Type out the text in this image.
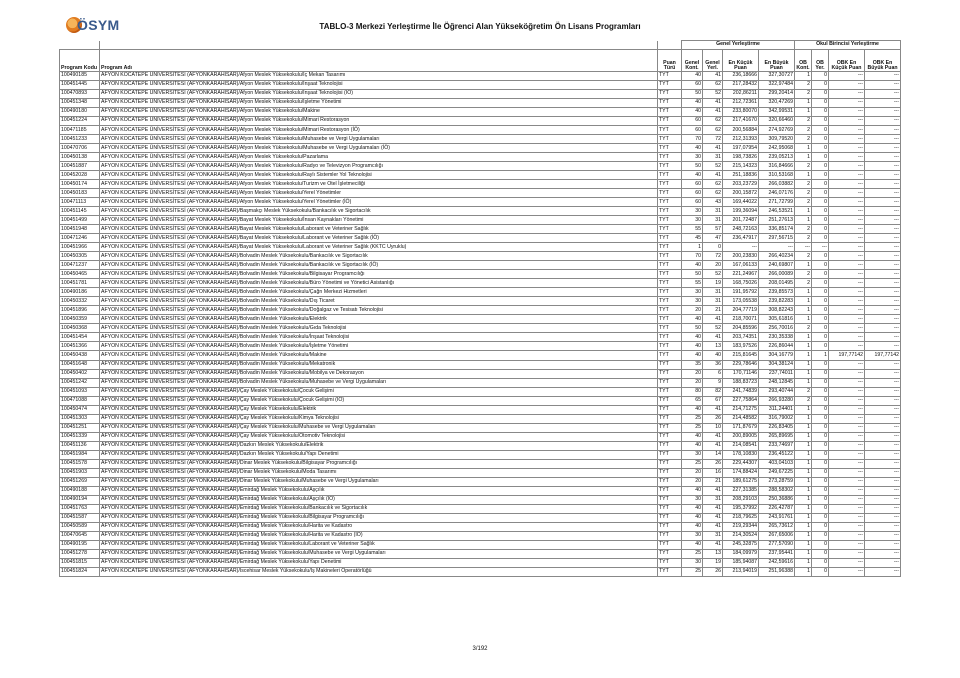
ÖSYM	TABLO-3 Merkezi Yerleştirme İle Öğrenci Alan Yükseköğretim Ön Lisans Programları
			Genel Yerleştirme				Okul Birincisi Yerleştirme			
Program Kodu	Program Adı	Puan Türü	Genel Kont.	Genel Yerl.	En Küçük Puan	En Büyük Puan	OB Kont.	OB Yer.	OBK En Küçük Puan	OBK En Büyük Puan
100490185	AFYON KOCATEPE ÜNİVERSİTESİ (AFYONKARAHİSAR)/Afyon Meslek Yüksekokulu/İç Mekan Tasarımı	TYT	40	41	236,18666	327,30727	1	0	---	---
100451445	AFYON KOCATEPE ÜNİVERSİTESİ (AFYONKARAHİSAR)/Afyon Meslek Yüksekokulu/İnşaat Teknolojisi	TYT	60	62	217,28432	322,97484	2	0	---	---
100470893	AFYON KOCATEPE ÜNİVERSİTESİ (AFYONKARAHİSAR)/Afyon Meslek Yüksekokulu/İnşaat Teknolojisi (İÖ)	TYT	50	52	202,86211	299,20414	2	0	---	---
100451348	AFYON KOCATEPE ÜNİVERSİTESİ (AFYONKARAHİSAR)/Afyon Meslek Yüksekokulu/İşletme Yönetimi	TYT	40	41	212,72361	320,47269	1	0	---	---
100490180	AFYON KOCATEPE ÜNİVERSİTESİ (AFYONKARAHİSAR)/Afyon Meslek Yüksekokulu/Makine	TYT	40	41	233,80070	342,99531	1	0	---	---
100451224	AFYON KOCATEPE ÜNİVERSİTESİ (AFYONKARAHİSAR)/Afyon Meslek Yüksekokulu/Mimari Restorasyon	TYT	60	62	217,41670	320,66460	2	0	---	---
100471185	AFYON KOCATEPE ÜNİVERSİTESİ (AFYONKARAHİSAR)/Afyon Meslek Yüksekokulu/Mimari Restorasyon (İÖ)	TYT	60	62	200,56884	274,92769	2	0	---	---
100451233	AFYON KOCATEPE ÜNİVERSİTESİ (AFYONKARAHİSAR)/Afyon Meslek Yüksekokulu/Muhasebe ve Vergi Uygulamaları	TYT	70	72	212,31393	309,79520	2	0	---	---
100470706	AFYON KOCATEPE ÜNİVERSİTESİ (AFYONKARAHİSAR)/Afyon Meslek Yüksekokulu/Muhasebe ve Vergi Uygulamaları (İÖ)	TYT	40	41	197,07954	242,95068	1	0	---	---
100450138	AFYON KOCATEPE ÜNİVERSİTESİ (AFYONKARAHİSAR)/Afyon Meslek Yüksekokulu/Pazarlama	TYT	30	31	198,73826	239,05213	1	0	---	---
100451887	AFYON KOCATEPE ÜNİVERSİTESİ (AFYONKARAHİSAR)/Afyon Meslek Yüksekokulu/Radyo ve Televizyon Programcılığı	TYT	50	52	215,14323	316,84666	2	0	---	---
100452028	AFYON KOCATEPE ÜNİVERSİTESİ (AFYONKARAHİSAR)/Afyon Meslek Yüksekokulu/Raylı Sistemler Yol Teknolojisi	TYT	40	41	251,18836	310,53168	1	0	---	---
100450174	AFYON KOCATEPE ÜNİVERSİTESİ (AFYONKARAHİSAR)/Afyon Meslek Yüksekokulu/Turizm ve Otel İşletmeciliği	TYT	60	62	203,23729	266,03882	2	0	---	---
100450183	AFYON KOCATEPE ÜNİVERSİTESİ (AFYONKARAHİSAR)/Afyon Meslek Yüksekokulu/Yerel Yönetimler	TYT	60	62	200,15872	246,07176	2	0	---	---
100471113	AFYON KOCATEPE ÜNİVERSİTESİ (AFYONKARAHİSAR)/Afyon Meslek Yüksekokulu/Yerel Yönetimler (İÖ)	TYT	60	43	169,44022	271,72799	2	0	---	---
100451145	AFYON KOCATEPE ÜNİVERSİTESİ (AFYONKARAHİSAR)/Başmakçı Meslek Yüksekokulu/Bankacılık ve Sigortacılık	TYT	30	31	199,36094	246,53521	1	0	---	---
100451499	AFYON KOCATEPE ÜNİVERSİTESİ (AFYONKARAHİSAR)/Bayat Meslek Yüksekokulu/İnsan Kaynakları Yönetimi	TYT	30	31	201,72487	251,27613	1	0	---	---
100451948	AFYON KOCATEPE ÜNİVERSİTESİ (AFYONKARAHİSAR)/Bayat Meslek Yüksekokulu/Laborant ve Veteriner Sağlık	TYT	55	57	248,72163	336,85174	2	0	---	---
100471246	AFYON KOCATEPE ÜNİVERSİTESİ (AFYONKARAHİSAR)/Bayat Meslek Yüksekokulu/Laborant ve Veteriner Sağlık (İÖ)	TYT	45	47	236,47917	297,56715	2	0	---	---
100451966	AFYON KOCATEPE ÜNİVERSİTESİ (AFYONKARAHİSAR)/Bayat Meslek Yüksekokulu/Laborant ve Veteriner Sağlık (KKTC Uyruklu)	TYT	1	0	---	---	---	---	---	---
100450305	AFYON KOCATEPE ÜNİVERSİTESİ (AFYONKARAHİSAR)/Bolvadin Meslek Yüksekokulu/Bankacılık ve Sigortacılık	TYT	70	72	200,23830	266,40234	2	0	---	---
100471237	AFYON KOCATEPE ÜNİVERSİTESİ (AFYONKARAHİSAR)/Bolvadin Meslek Yüksekokulu/Bankacılık ve Sigortacılık (İÖ)	TYT	40	20	167,06133	240,69807	1	0	---	---
100450465	AFYON KOCATEPE ÜNİVERSİTESİ (AFYONKARAHİSAR)/Bolvadin Meslek Yüksekokulu/Bilgisayar Programcılığı	TYT	50	52	221,24967	266,00089	2	0	---	---
100451781	AFYON KOCATEPE ÜNİVERSİTESİ (AFYONKARAHİSAR)/Bolvadin Meslek Yüksekokulu/Büro Yönetimi ve Yönetici Asistanlığı	TYT	55	19	168,75026	208,01495	2	0	---	---
100490186	AFYON KOCATEPE ÜNİVERSİTESİ (AFYONKARAHİSAR)/Bolvadin Meslek Yüksekokulu/Çağrı Merkezi Hizmetleri	TYT	30	31	191,95792	239,85573	1	0	---	---
100450332	AFYON KOCATEPE ÜNİVERSİTESİ (AFYONKARAHİSAR)/Bolvadin Meslek Yüksekokulu/Dış Ticaret	TYT	30	31	173,05538	239,82283	1	0	---	---
100451896	AFYON KOCATEPE ÜNİVERSİTESİ (AFYONKARAHİSAR)/Bolvadin Meslek Yüksekokulu/Doğalgaz ve Tesisatı Teknolojisi	TYT	20	21	204,77719	308,82243	1	0	---	---
100450359	AFYON KOCATEPE ÜNİVERSİTESİ (AFYONKARAHİSAR)/Bolvadin Meslek Yüksekokulu/Elektrik	TYT	40	41	218,70071	305,61816	1	0	---	---
100450368	AFYON KOCATEPE ÜNİVERSİTESİ (AFYONKARAHİSAR)/Bolvadin Meslek Yüksekokulu/Gıda Teknolojisi	TYT	50	52	204,85596	256,70016	2	0	---	---
100451454	AFYON KOCATEPE ÜNİVERSİTESİ (AFYONKARAHİSAR)/Bolvadin Meslek Yüksekokulu/İnşaat Teknolojisi	TYT	40	41	203,74351	230,35338	1	0	---	---
100451366	AFYON KOCATEPE ÜNİVERSİTESİ (AFYONKARAHİSAR)/Bolvadin Meslek Yüksekokulu/İşletme Yönetimi	TYT	40	13	183,97526	226,86044	1	0	---	---
100450438	AFYON KOCATEPE ÜNİVERSİTESİ (AFYONKARAHİSAR)/Bolvadin Meslek Yüksekokulu/Makine	TYT	40	40	215,81645	304,16779	1	1	197,77142	197,77142
100451648	AFYON KOCATEPE ÜNİVERSİTESİ (AFYONKARAHİSAR)/Bolvadin Meslek Yüksekokulu/Mekatronik	TYT	35	36	229,78646	304,38124	1	0	---	---
100450402	AFYON KOCATEPE ÜNİVERSİTESİ (AFYONKARAHİSAR)/Bolvadin Meslek Yüksekokulu/Mobilya ve Dekorasyon	TYT	20	6	170,71146	237,74011	1	0	---	---
100451242	AFYON KOCATEPE ÜNİVERSİTESİ (AFYONKARAHİSAR)/Bolvadin Meslek Yüksekokulu/Muhasebe ve Vergi Uygulamaları	TYT	20	9	188,83723	248,12845	1	0	---	---
100451093	AFYON KOCATEPE ÜNİVERSİTESİ (AFYONKARAHİSAR)/Çay Meslek Yüksekokulu/Çocuk Gelişimi	TYT	80	82	241,74839	293,40744	2	0	---	---
100471088	AFYON KOCATEPE ÜNİVERSİTESİ (AFYONKARAHİSAR)/Çay Meslek Yüksekokulu/Çocuk Gelişimi (İÖ)	TYT	65	67	227,75864	266,93280	2	0	---	---
100450474	AFYON KOCATEPE ÜNİVERSİTESİ (AFYONKARAHİSAR)/Çay Meslek Yüksekokulu/Elektrik	TYT	40	41	214,71275	311,24401	1	0	---	---
100451303	AFYON KOCATEPE ÜNİVERSİTESİ (AFYONKARAHİSAR)/Çay Meslek Yüksekokulu/Kimya Teknolojisi	TYT	25	26	214,48582	316,79002	1	0	---	---
100451251	AFYON KOCATEPE ÜNİVERSİTESİ (AFYONKARAHİSAR)/Çay Meslek Yüksekokulu/Muhasebe ve Vergi Uygulamaları	TYT	25	10	171,87679	226,83405	1	0	---	---
100451339	AFYON KOCATEPE ÜNİVERSİTESİ (AFYONKARAHİSAR)/Çay Meslek Yüksekokulu/Otomotiv Teknolojisi	TYT	40	41	200,89005	265,89695	1	0	---	---
100451136	AFYON KOCATEPE ÜNİVERSİTESİ (AFYONKARAHİSAR)/Dazkırı Meslek Yüksekokulu/Elektrik	TYT	40	41	214,08541	233,74697	1	0	---	---
100451984	AFYON KOCATEPE ÜNİVERSİTESİ (AFYONKARAHİSAR)/Dazkırı Meslek Yüksekokulu/Yapı Denetimi	TYT	30	14	178,10830	236,45122	1	0	---	---
100451578	AFYON KOCATEPE ÜNİVERSİTESİ (AFYONKARAHİSAR)/Dinar Meslek Yüksekokulu/Bilgisayar Programcılığı	TYT	25	26	229,44307	403,04103	1	0	---	---
100451903	AFYON KOCATEPE ÜNİVERSİTESİ (AFYONKARAHİSAR)/Dinar Meslek Yüksekokulu/Moda Tasarımı	TYT	20	16	174,88424	249,67225	1	0	---	---
100451269	AFYON KOCATEPE ÜNİVERSİTESİ (AFYONKARAHİSAR)/Dinar Meslek Yüksekokulu/Muhasebe ve Vergi Uygulamaları	TYT	20	21	189,61275	273,28759	1	0	---	---
100490188	AFYON KOCATEPE ÜNİVERSİTESİ (AFYONKARAHİSAR)/Emirdağ Meslek Yüksekokulu/Aşçılık	TYT	40	41	227,31385	288,58302	1	0	---	---
100490194	AFYON KOCATEPE ÜNİVERSİTESİ (AFYONKARAHİSAR)/Emirdağ Meslek Yüksekokulu/Aşçılık (İÖ)	TYT	30	31	208,29103	250,36886	1	0	---	---
100451763	AFYON KOCATEPE ÜNİVERSİTESİ (AFYONKARAHİSAR)/Emirdağ Meslek Yüksekokulu/Bankacılık ve Sigortacılık	TYT	40	41	195,37992	226,42787	1	0	---	---
100451587	AFYON KOCATEPE ÜNİVERSİTESİ (AFYONKARAHİSAR)/Emirdağ Meslek Yüksekokulu/Bilgisayar Programcılığı	TYT	40	41	218,79625	243,91761	1	0	---	---
100450589	AFYON KOCATEPE ÜNİVERSİTESİ (AFYONKARAHİSAR)/Emirdağ Meslek Yüksekokulu/Harita ve Kadastro	TYT	40	41	219,29344	265,73612	1	0	---	---
100470645	AFYON KOCATEPE ÜNİVERSİTESİ (AFYONKARAHİSAR)/Emirdağ Meslek Yüksekokulu/Harita ve Kadastro (İÖ)	TYT	30	31	214,30524	267,65006	1	0	---	---
100490195	AFYON KOCATEPE ÜNİVERSİTESİ (AFYONKARAHİSAR)/Emirdağ Meslek Yüksekokulu/Laborant ve Veteriner Sağlık	TYT	40	41	245,32875	277,57090	1	0	---	---
100451278	AFYON KOCATEPE ÜNİVERSİTESİ (AFYONKARAHİSAR)/Emirdağ Meslek Yüksekokulu/Muhasebe ve Vergi Uygulamaları	TYT	25	13	184,09979	237,95441	1	0	---	---
100451815	AFYON KOCATEPE ÜNİVERSİTESİ (AFYONKARAHİSAR)/Emirdağ Meslek Yüksekokulu/Yapı Denetimi	TYT	30	19	185,94087	242,59616	1	0	---	---
100451824	AFYON KOCATEPE ÜNİVERSİTESİ (AFYONKARAHİSAR)/İscehisar Meslek Yüksekokulu/İş Makineleri Operatörlüğü	TYT	25	26	213,94019	251,96388	1	0	---	---
3/192
